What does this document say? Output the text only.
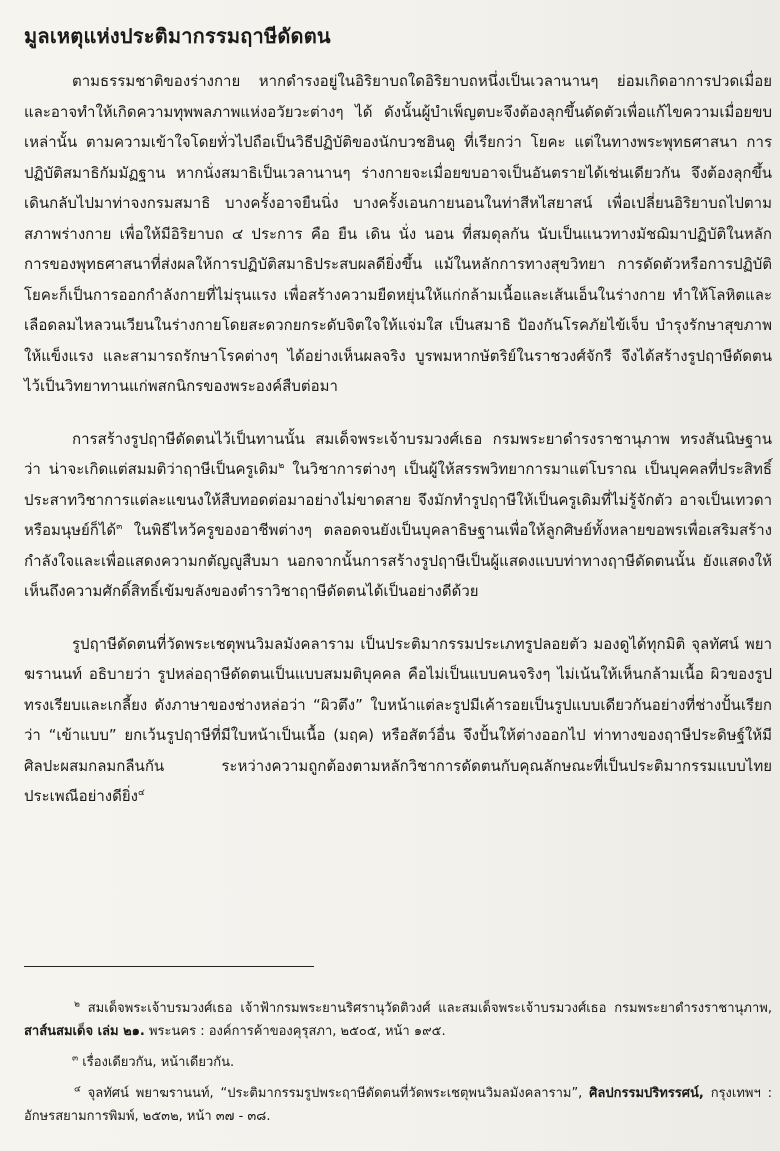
มูลเหตุแห่งประติมากรรมฤาษีดัดตน

ตามธรรมชาติของร่างกาย หากดำรงอยู่ในอิริยาบถใดอิริยาบถหนึ่งเป็นเวลานานๆ ย่อมเกิดอาการปวดเมื่อย และอาจทำให้เกิดความทุพพลภาพแห่งอวัยวะต่างๆ ได้ ดังนั้นผู้บำเพ็ญตบะจึงต้องลุกขึ้นดัดตัวเพื่อแก้ไขความเมื่อยขบเหล่านั้น ตามความเข้าใจโดยทั่วไปถือเป็นวิธีปฏิบัติของนักบวชฮินดู ที่เรียกว่า โยคะ แต่ในทางพระพุทธศาสนา การปฏิบัติสมาธิกัมมัฏฐาน หากนั่งสมาธิเป็นเวลานานๆ ร่างกายจะเมื่อยขบอาจเป็นอันตรายได้เช่นเดียวกัน จึงต้องลุกขึ้นเดินกลับไปมาท่าจงกรมสมาธิ บางครั้งอาจยืนนิ่ง บางครั้งเอนกายนอนในท่าสีหไสยาสน์ เพื่อเปลี่ยนอิริยาบถไปตามสภาพร่างกาย เพื่อให้มีอิริยาบถ ๔ ประการ คือ ยืน เดิน นั่ง นอน ที่สมดุลกัน นับเป็นแนวทางมัชฌิมาปฏิบัติในหลักการของพุทธศาสนาที่ส่งผลให้การปฏิบัติสมาธิประสบผลดียิ่งขึ้น แม้ในหลักการทางสุขวิทยา การดัดตัวหรือการปฏิบัติโยคะก็เป็นการออกกำลังกายที่ไม่รุนแรง เพื่อสร้างความยืดหยุ่นให้แก่กล้ามเนื้อและเส้นเอ็นในร่างกาย ทำให้โลหิตและเลือดลมไหลวนเวียนในร่างกายโดยสะดวกยกระดับจิตใจให้แจ่มใส เป็นสมาธิ ป้องกันโรคภัยไข้เจ็บ บำรุงรักษาสุขภาพให้แข็งแรง และสามารถรักษาโรคต่างๆ ได้อย่างเห็นผลจริง บูรพมหากษัตริย์ในราชวงศ์จักรี จึงได้สร้างรูปฤาษีดัดตนไว้เป็นวิทยาทานแก่พสกนิกรของพระองค์สืบต่อมา

การสร้างรูปฤาษีดัดตนไว้เป็นทานนั้น สมเด็จพระเจ้าบรมวงศ์เธอ กรมพระยาดำรงราชานุภาพ ทรงสันนิษฐานว่า น่าจะเกิดแต่สมมติว่าฤาษีเป็นครูเดิม$^๒$ ในวิชาการต่างๆ เป็นผู้ให้สรรพวิทยาการมาแต่โบราณ เป็นบุคคลที่ประสิทธิ์ประสาทวิชาการแต่ละแขนงให้สืบทอดต่อมาอย่างไม่ขาดสาย จึงมักทำรูปฤาษีให้เป็นครูเดิมที่ไม่รู้จักตัว อาจเป็นเทวดาหรือมนุษย์ก็ได้$^๓$ ในพิธีไหว้ครูของอาชีพต่างๆ ตลอดจนยังเป็นบุคลาธิษฐานเพื่อให้ลูกศิษย์ทั้งหลายขอพรเพื่อเสริมสร้างกำลังใจและเพื่อแสดงความกตัญญูสืบมา นอกจากนั้นการสร้างรูปฤาษีเป็นผู้แสดงแบบท่าทางฤาษีดัดตนนั้น ยังแสดงให้เห็นถึงความศักดิ์สิทธิ์เข้มขลังของตำราวิชาฤาษีดัดตนได้เป็นอย่างดีด้วย

รูปฤาษีดัดตนที่วัดพระเชตุพนวิมลมังคลาราม เป็นประติมากรรมประเภทรูปลอยตัว มองดูได้ทุกมิติ จุลทัศน์ พยาฆรานนท์ อธิบายว่า รูปหล่อฤาษีดัดตนเป็นแบบสมมติบุคคล คือไม่เป็นแบบคนจริงๆ ไม่เน้นให้เห็นกล้ามเนื้อ ผิวของรูปทรงเรียบและเกลี้ยง ดังภาษาของช่างหล่อว่า “ผิวตึง” ใบหน้าแต่ละรูปมีเค้ารอยเป็นรูปแบบเดียวกันอย่างที่ช่างปั้นเรียกว่า “เข้าแบบ” ยกเว้นรูปฤาษีที่มีใบหน้าเป็นเนื้อ (มฤค) หรือสัตว์อื่น จึงปั้นให้ต่างออกไป ท่าทางของฤาษีประดิษฐ์ให้มีศิลปะผสมกลมกลืนกัน ระหว่างความถูกต้องตามหลักวิชาการดัดตนกับคุณลักษณะที่เป็นประติมากรรมแบบไทยประเพณีอย่างดียิ่ง$^๔$

$^๒$ สมเด็จพระเจ้าบรมวงศ์เธอ เจ้าฟ้ากรมพระยานริศรานุวัดติวงศ์ และสมเด็จพระเจ้าบรมวงศ์เธอ กรมพระยาดำรงราชานุภาพ, สาส์นสมเด็จ เล่ม ๒๑. พระนคร : องค์การค้าของคุรุสภา, ๒๕๐๕, หน้า ๑๙๕.

$^๓$ เรื่องเดียวกัน, หน้าเดียวกัน.

$^๔$ จุลทัศน์ พยาฆรานนท์, “ประติมากรรมรูปพระฤาษีดัดตนที่วัดพระเชตุพนวิมลมังคลาราม”, ศิลปกรรมปริทรรศน์, กรุงเทพฯ : อักษรสยามการพิมพ์, ๒๕๓๒, หน้า ๓๗ - ๓๘.
